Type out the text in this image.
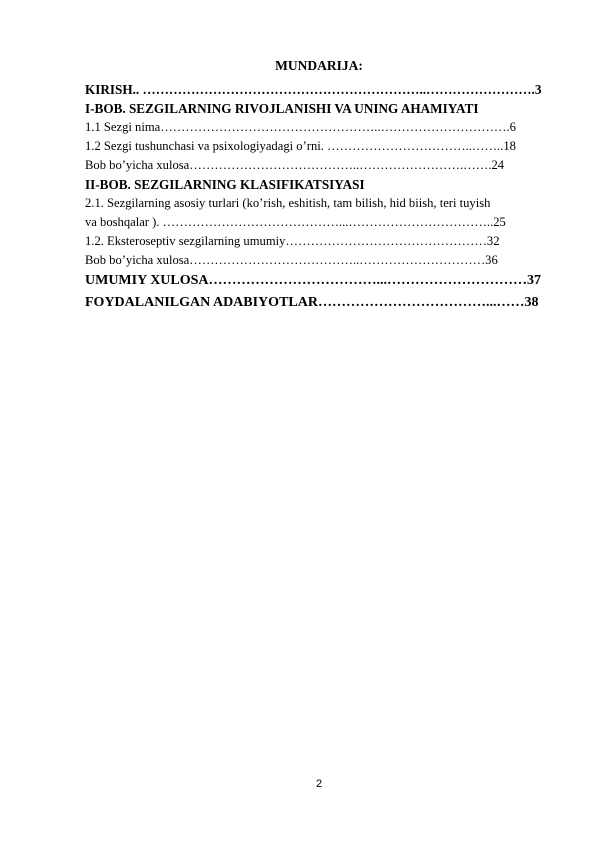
MUNDARIJA:
KIRISH.. ………………………………………………………..…………………….3
I-BOB. SEZGILARNING RIVOJLANISHI VA UNING AHAMIYATI
1.1 Sezgi nima……………………………………………..………………………….6
1.2 Sezgi tushunchasi va psixologiyadagi o’rni. ……………………………..……..18
Bob bo’yicha xulosa…………………………………..…………………….…….24
II-BOB. SEZGILARNING KLASIFIKATSIYASI
2.1. Sezgilarning asosiy turlari (ko’rish, eshitish, tam bilish, hid biish, teri tuyish
va boshqalar ). ……………………………………...……………………………..25
1.2. Eksteroseptiv sezgilarning umumiy…………………………………………32
Bob bo’yicha xulosa…………………………………..…………………………36
UMUMIY XULOSA………………………………...…………………………37
FOYDALANILGAN ADABIYOTLAR………………………………...……38
2
